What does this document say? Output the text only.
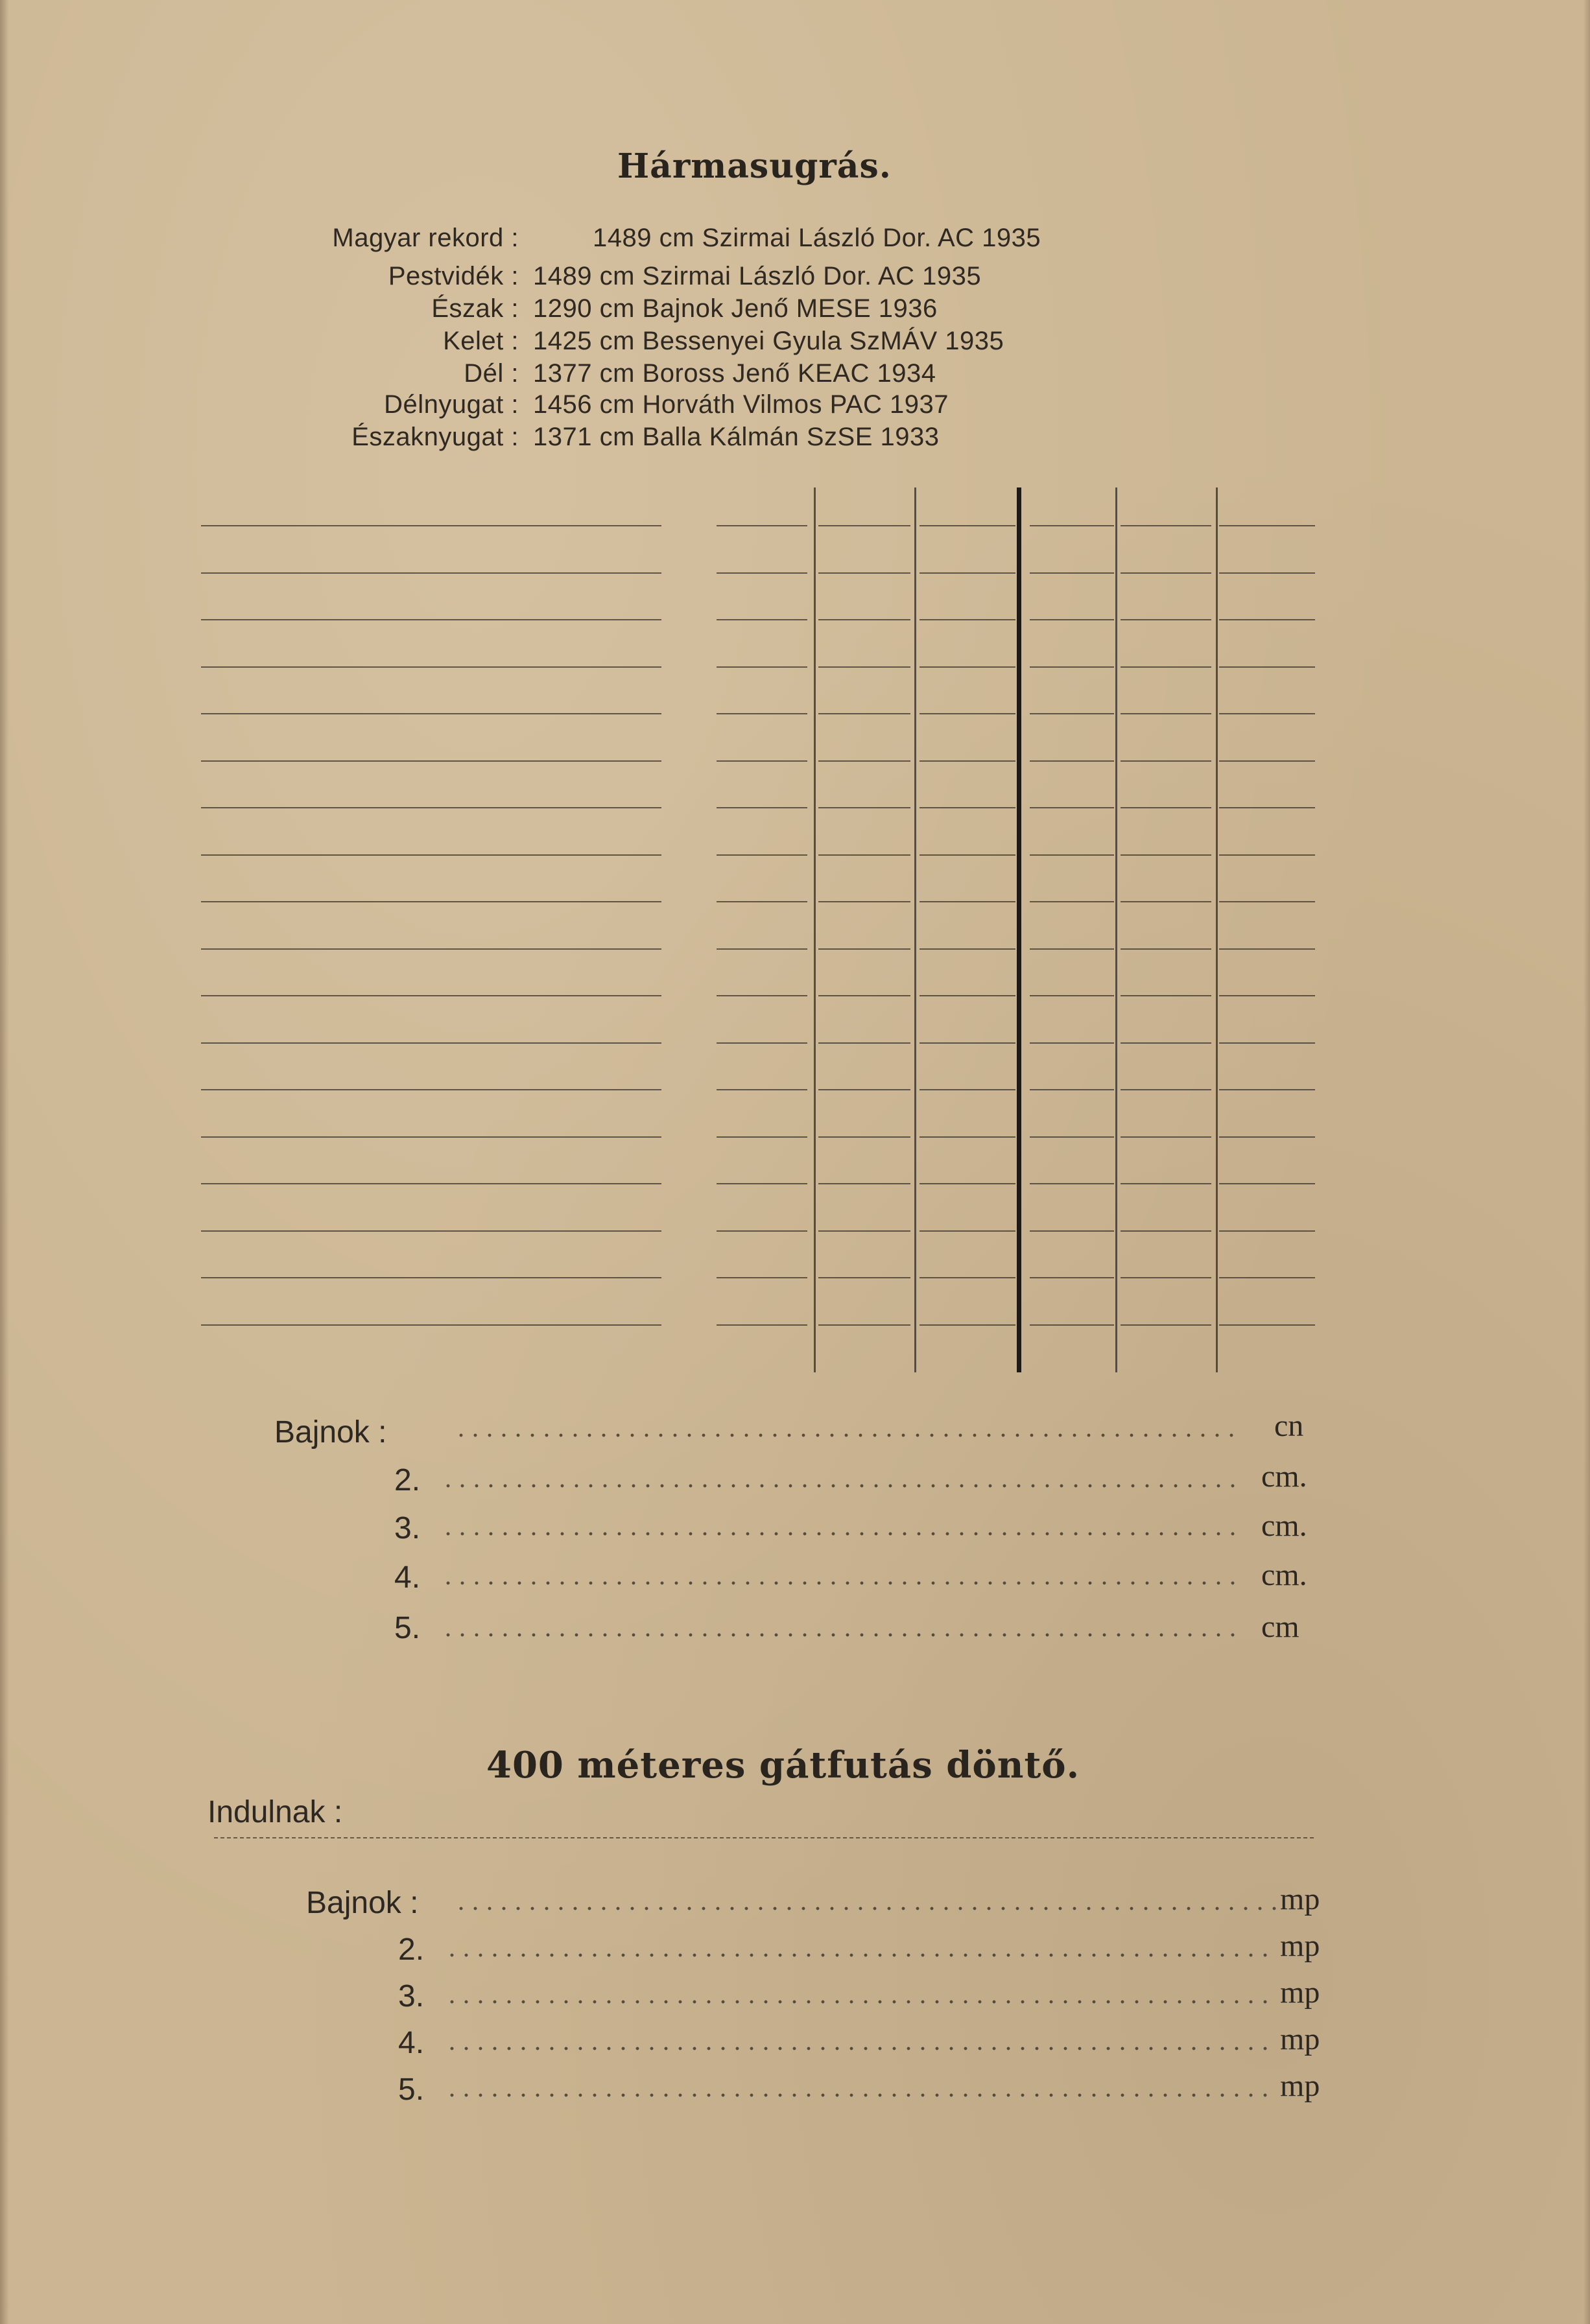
Hármasugrás.
Magyar rekord :	1489 cm Szirmai László Dor. AC 1935
Pestvidék : 1489 cm Szirmai László Dor. AC 1935
Észak : 1290 cm Bajnok Jenő MESE 1936
Kelet : 1425 cm Bessenyei Gyula SzMÁV 1935
Dél : 1377 cm Boross Jenő KEAC 1934
Délnyugat : 1456 cm Horváth Vilmos PAC 1937
Északnyugat : 1371 cm Balla Kálmán SzSE 1933
Bajnok :	cn
2.	cm.
3.	cm.
4.	cm.
5.	cm
400 méteres gátfutás döntő.
Indulnak :
Bajnok :	mp
2.	mp
3.	mp
4.	mp
5.	mp
